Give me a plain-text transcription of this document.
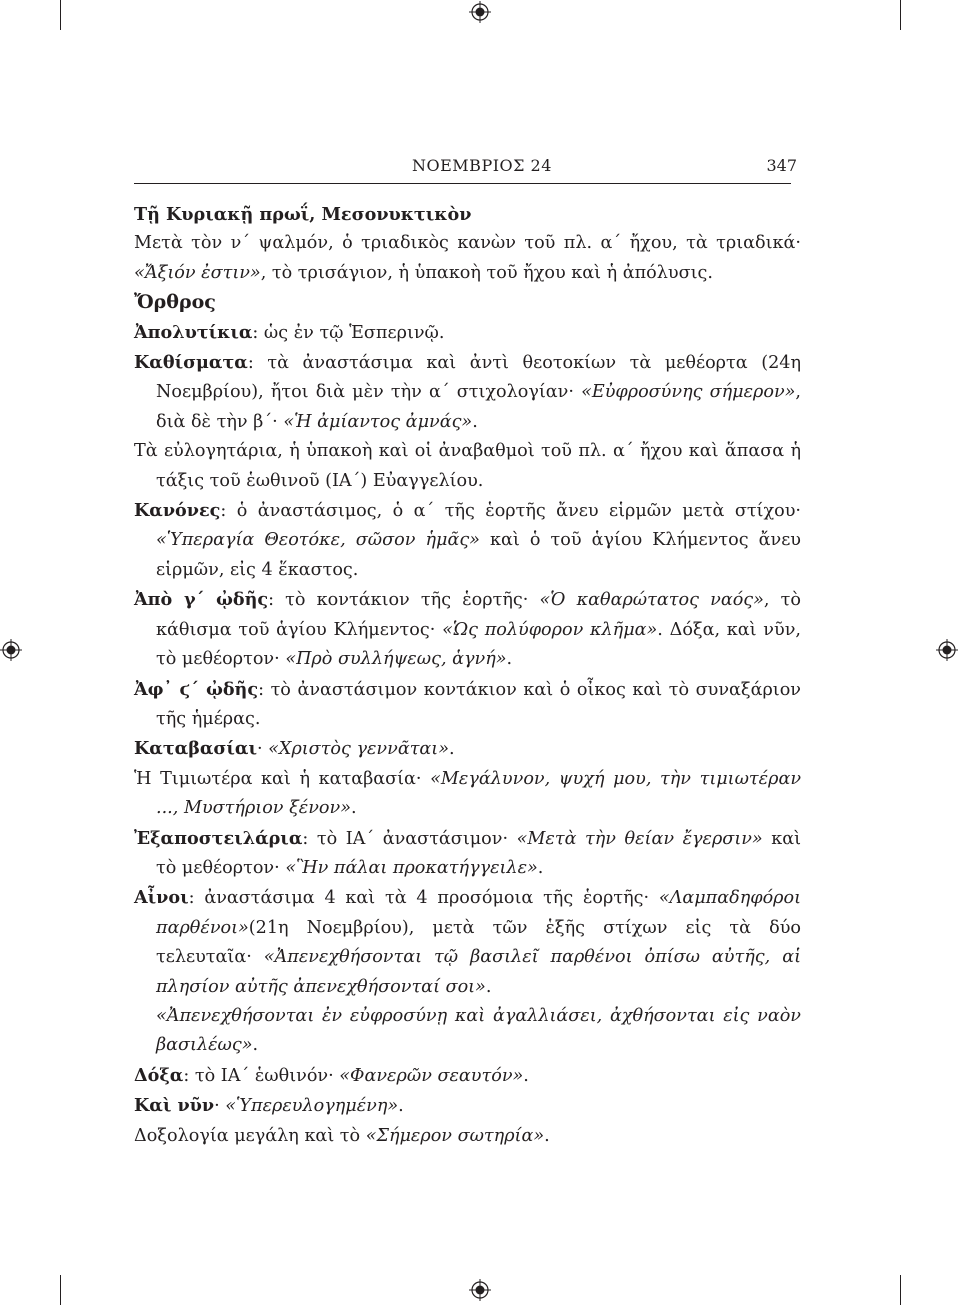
ΝΟΕΜΒΡΙΟΣ 24	347

Τῇ Κυριακῇ πρωΐ, Μεσονυκτικὸν

Μετὰ τὸν ν΄ ψαλμόν, ὁ τριαδικὸς κανὼν τοῦ πλ. α΄ ἤχου, τὰ τριαδικά· «Ἄξιόν ἐστιν», τὸ τρισάγιον, ἡ ὑπακοὴ τοῦ ἤχου καὶ ἡ ἀπόλυσις.

Ὄρθρος

Ἀπολυτίκια: ὡς ἐν τῷ Ἑσπερινῷ.

Καθίσματα: τὰ ἀναστάσιμα καὶ ἀντὶ θεοτοκίων τὰ μεθέορτα (24η Νοεμβρίου), ἤτοι διὰ μὲν τὴν α΄ στιχολογίαν· «Εὐφροσύνης σήμερον», διὰ δὲ τὴν β΄· «Ἡ ἀμίαντος ἀμνάς».

Τὰ εὐλογητάρια, ἡ ὑπακοὴ καὶ οἱ ἀναβαθμοὶ τοῦ πλ. α΄ ἤχου καὶ ἅπασα ἡ τάξις τοῦ ἑωθινοῦ (ΙΑ΄) Εὐαγγελίου.

Κανόνες: ὁ ἀναστάσιμος, ὁ α΄ τῆς ἑορτῆς ἄνευ εἱρμῶν μετὰ στίχου· «Ὑπεραγία Θεοτόκε, σῶσον ἡμᾶς» καὶ ὁ τοῦ ἁγίου Κλήμεντος ἄνευ εἱρμῶν, εἰς 4 ἕκαστος.

Ἀπὸ γ΄ ᾠδῆς: τὸ κοντάκιον τῆς ἑορτῆς· «Ὁ καθαρώτατος ναός», τὸ κάθισμα τοῦ ἁγίου Κλήμεντος· «Ὡς πολύφορον κλῆμα». Δόξα, καὶ νῦν, τὸ μεθέορτον· «Πρὸ συλλήψεως, ἁγνή».

Ἀφ᾽ ϛ΄ ᾠδῆς: τὸ ἀναστάσιμον κοντάκιον καὶ ὁ οἶκος καὶ τὸ συναξάριον τῆς ἡμέρας.

Καταβασίαι· «Χριστὸς γεννᾶται».

Ἡ Τιμιωτέρα καὶ ἡ καταβασία· «Μεγάλυνον, ψυχή μου, τὴν τιμιωτέραν ..., Μυστήριον ξένον».

Ἐξαποστειλάρια: τὸ ΙΑ΄ ἀναστάσιμον· «Μετὰ τὴν θείαν ἔγερσιν» καὶ τὸ μεθέορτον· «Ἣν πάλαι προκατήγγειλε».

Αἶνοι: ἀναστάσιμα 4 καὶ τὰ 4 προσόμοια τῆς ἑορτῆς· «Λαμπαδηφόροι παρθένοι»(21η Νοεμβρίου), μετὰ τῶν ἑξῆς στίχων εἰς τὰ δύο τελευταῖα· «Ἀπενεχθήσονται τῷ βασιλεῖ παρθένοι ὀπίσω αὐτῆς, αἱ πλησίον αὐτῆς ἀπενεχθήσονταί σοι».

«Ἀπενεχθήσονται ἐν εὐφροσύνῃ καὶ ἀγαλλιάσει, ἀχθήσονται εἰς ναὸν βασιλέως».

Δόξα: τὸ ΙΑ΄ ἑωθινόν· «Φανερῶν σεαυτόν».

Καὶ νῦν· «Ὑπερευλογημένη».

Δοξολογία μεγάλη καὶ τὸ «Σήμερον σωτηρία».
